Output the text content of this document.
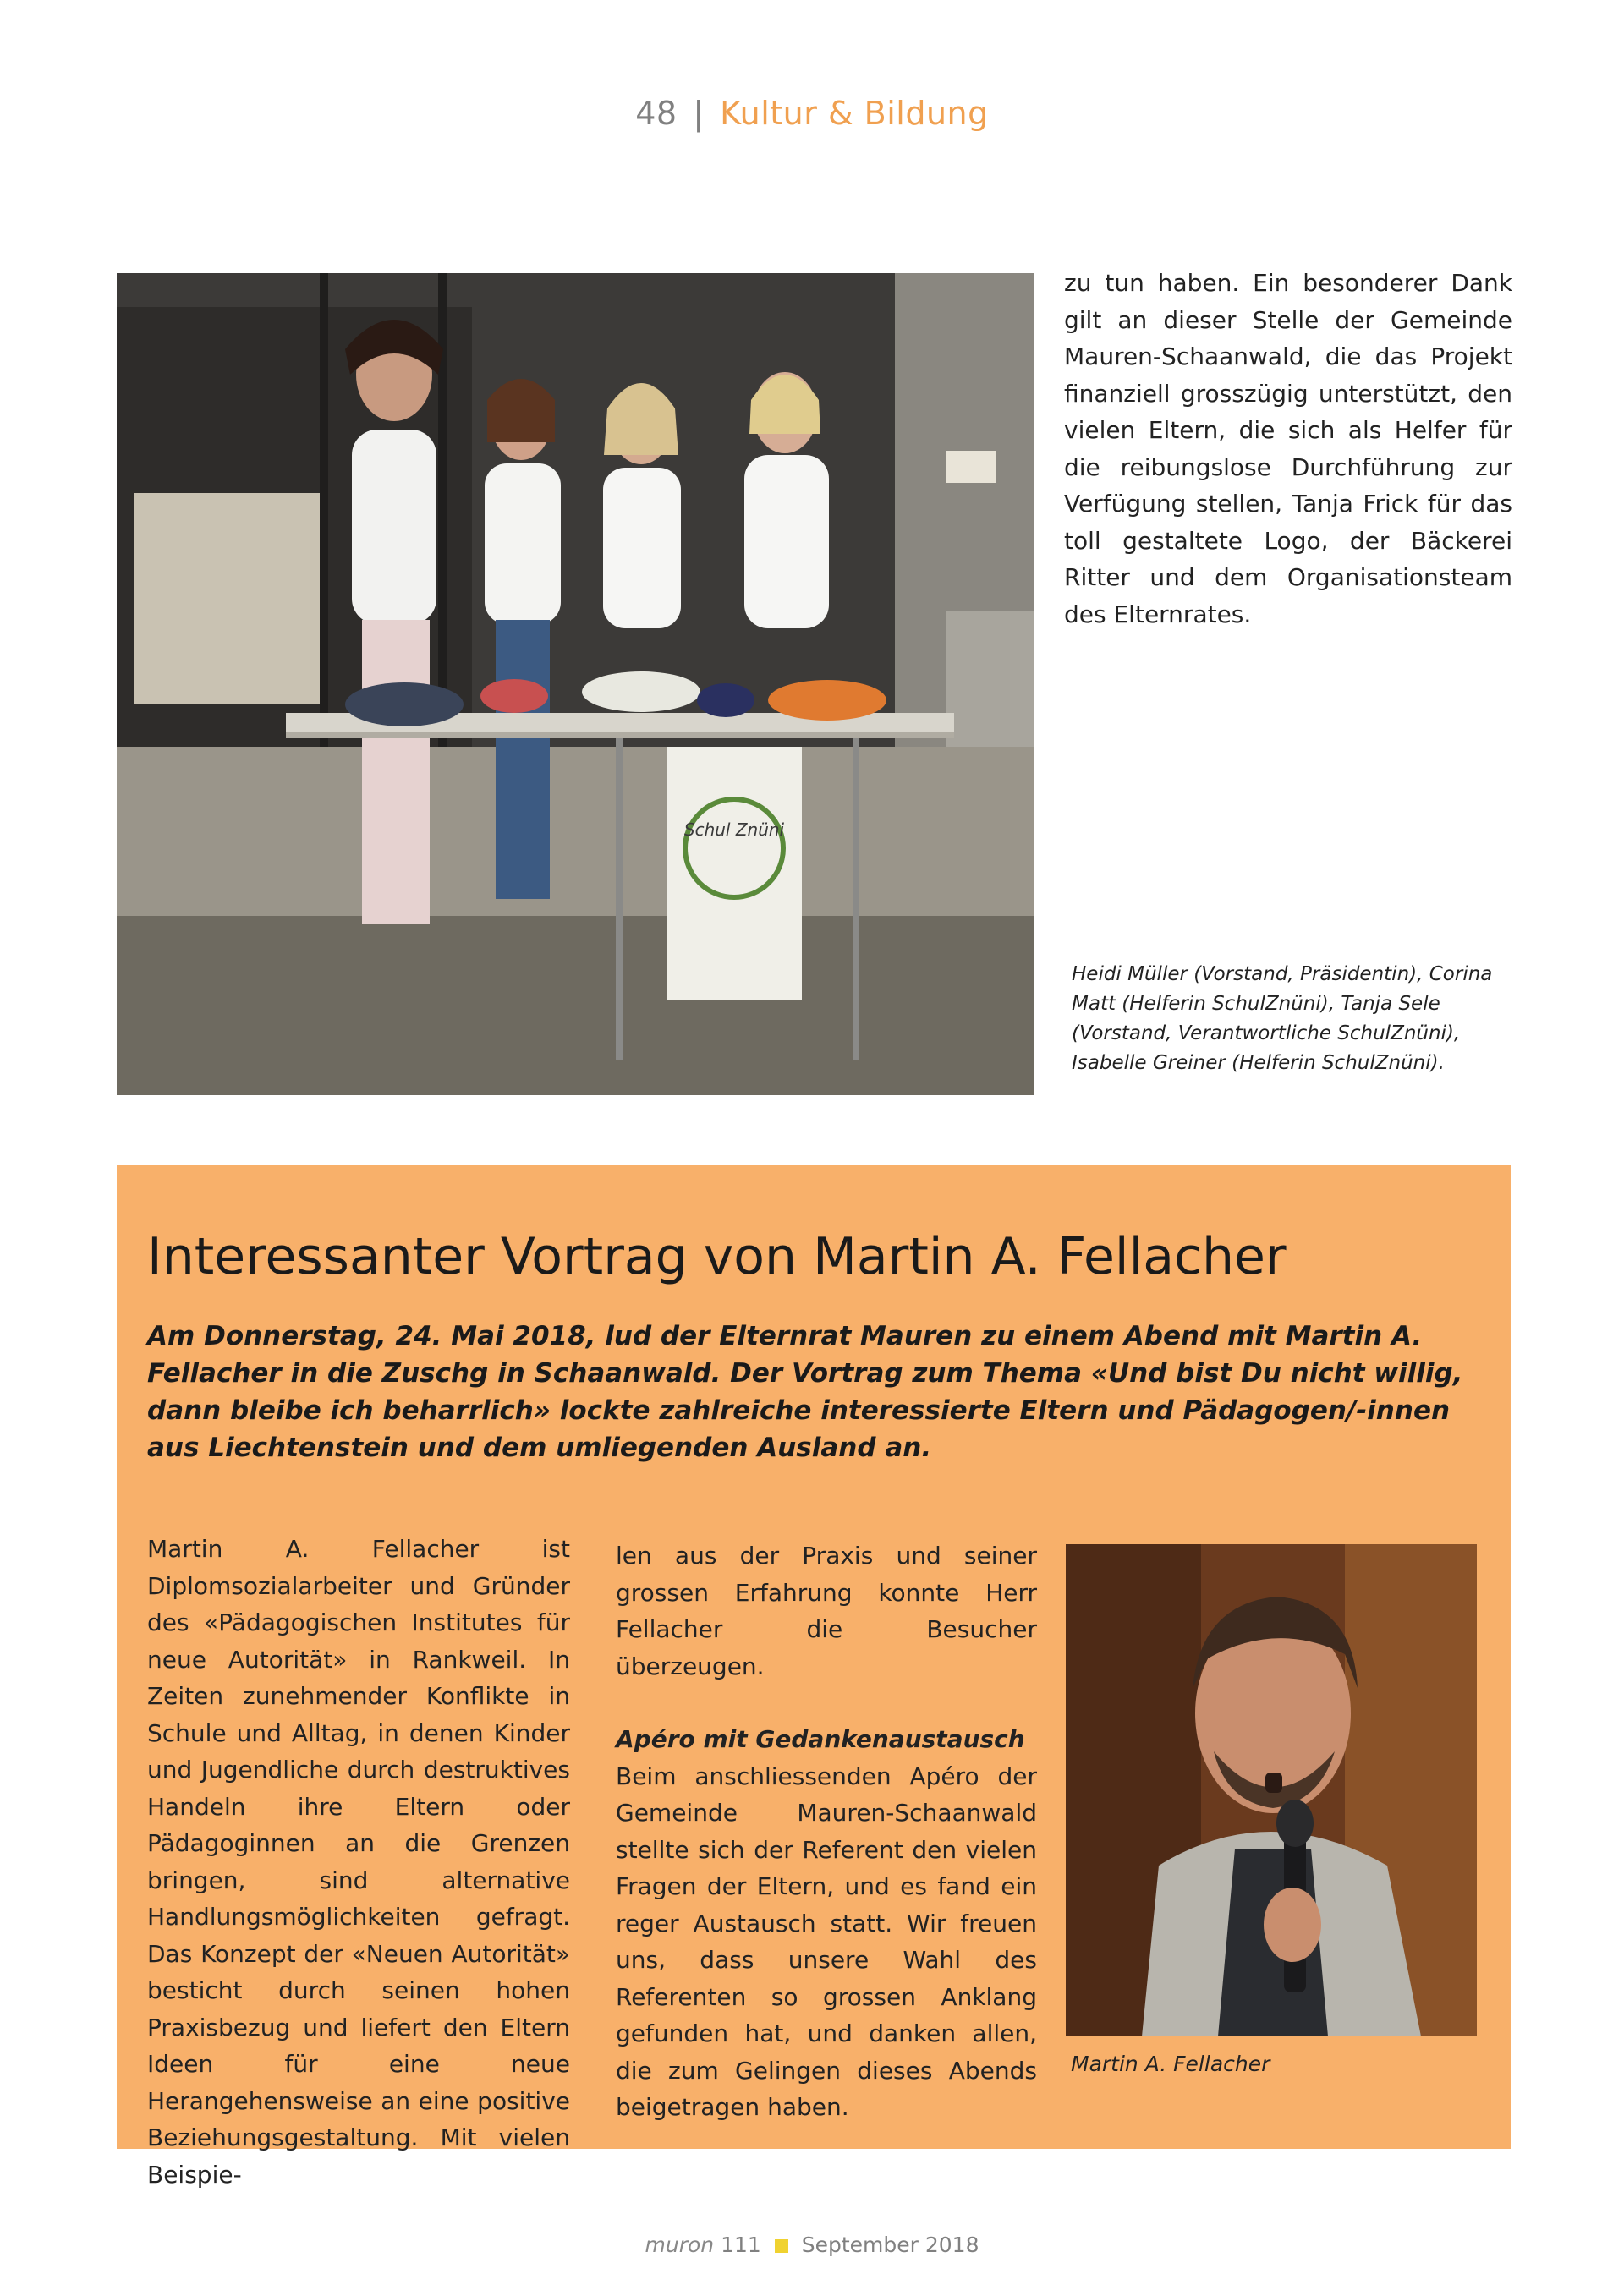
48 | Kultur & Bildung
Schul Znüni
zu tun haben. Ein besonderer Dank gilt an dieser Stelle der Gemeinde Mauren-Schaanwald, die das Projekt finanziell grosszügig unterstützt, den vielen Eltern, die sich als Helfer für die reibungslose Durchführung zur Verfügung stellen, Tanja Frick für das toll gestaltete Logo, der Bäckerei Ritter und dem Organisationsteam des Elternrates.
Heidi Müller (Vorstand, Präsidentin), Corina Matt (Helferin SchulZnüni), Tanja Sele (Vorstand, Verantwortliche SchulZnüni), Isabelle Greiner (Helferin SchulZnüni).
Interessanter Vortrag von Martin A. Fellacher
Am Donnerstag, 24. Mai 2018, lud der Elternrat Mauren zu einem Abend mit Martin A. Fellacher in die Zuschg in Schaanwald. Der Vortrag zum Thema «Und bist Du nicht willig, dann bleibe ich beharrlich» lockte zahlreiche interessierte Eltern und Pädagogen/-innen aus Liechtenstein und dem umliegenden Ausland an.
Martin A. Fellacher ist Diplomsozialarbeiter und Gründer des «Pädagogischen Institutes für neue Autorität» in Rankweil. In Zeiten zunehmender Konflikte in Schule und Alltag, in denen Kinder und Jugendliche durch destruktives Handeln ihre Eltern oder Pädagoginnen an die Grenzen bringen, sind alternative Handlungsmöglichkeiten gefragt. Das Konzept der «Neuen Autorität» besticht durch seinen hohen Praxisbezug und liefert den Eltern Ideen für eine neue Herangehensweise an eine positive Beziehungsgestaltung. Mit vielen Beispie-

len aus der Praxis und seiner grossen Erfahrung konnte Herr Fellacher die Besucher überzeugen.

Apéro mit Gedankenaustausch
Beim anschliessenden Apéro der Gemeinde Mauren-Schaanwald stellte sich der Referent den vielen Fragen der Eltern, und es fand ein reger Austausch statt. Wir freuen uns, dass unsere Wahl des Referenten so grossen Anklang gefunden hat, und danken allen, die zum Gelingen dieses Abends beigetragen haben.

Martin A. Fellacher
muron 111 September 2018
